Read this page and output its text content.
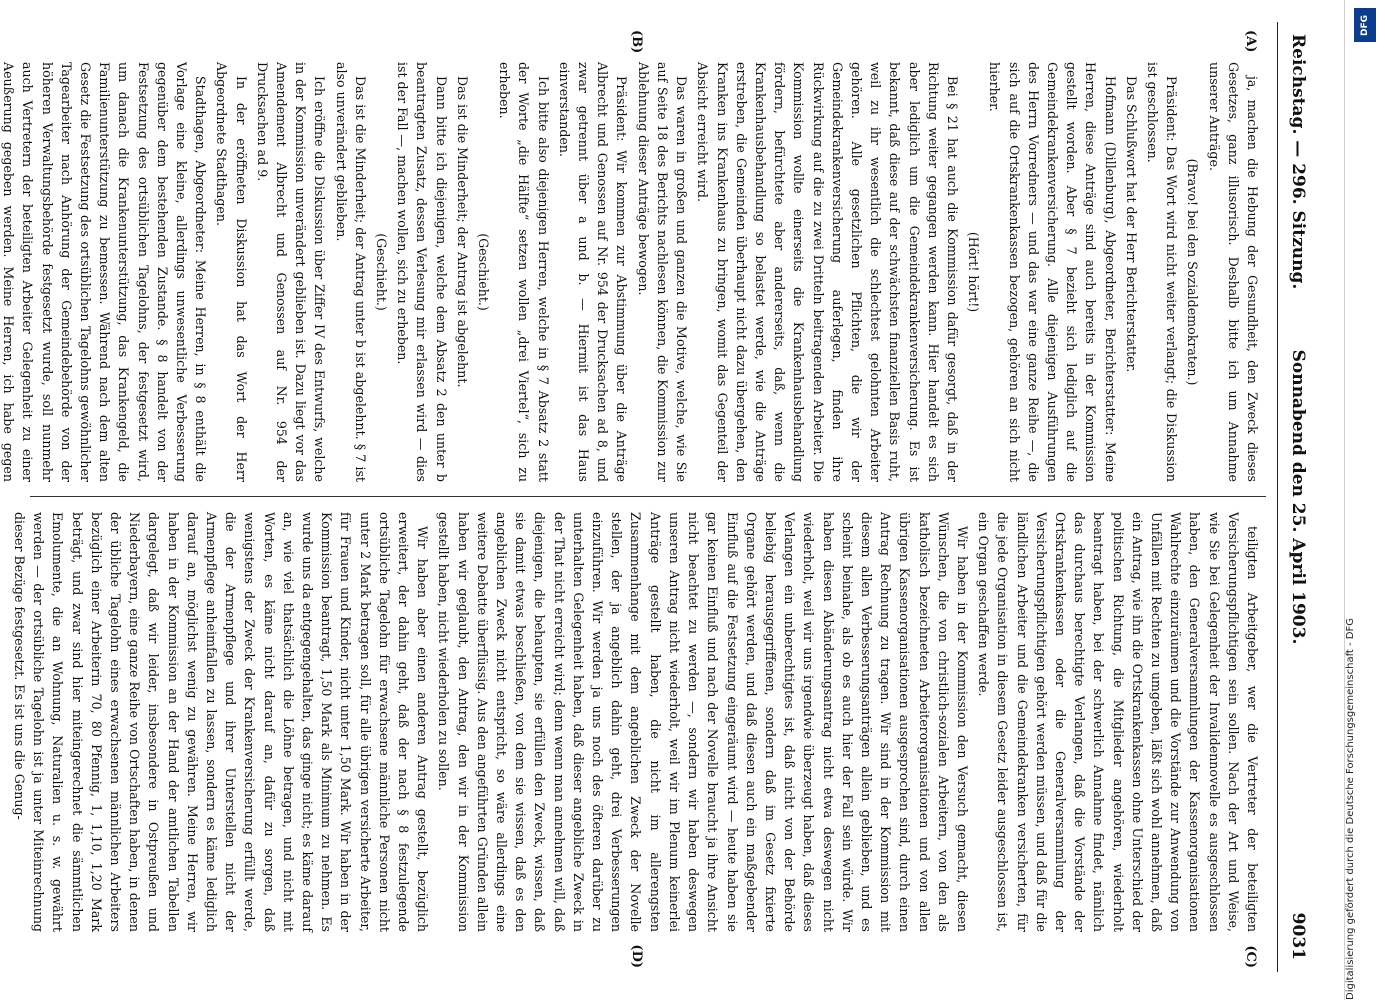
DFG
Digitalisierung gefördert durch die Deutsche Forschungsgemeinschaft - DFG
Reichstag. — 296. Sitzung.
Sonnabend den 25. April 1903.
9031
(A)
(B)
(C)
(D)

ja, machen die Hebung der Gesundheit, den Zweck dieses Gesetzes, ganz illusorisch. Deshalb bitte ich um Annahme unserer Anträge.

(Bravo! bei den Sozialdemokraten.)

Präsident: Das Wort wird nicht weiter verlangt; die Diskussion ist geschlossen.

Das Schlußwort hat der Herr Berichterstatter.

Hofmann (Dillenburg), Abgeordneter, Berichterstatter: Meine Herren, diese Anträge sind auch bereits in der Kommission gestellt worden. Aber § 7 bezieht sich lediglich auf die Gemeindekrankenversicherung. Alle diejenigen Ausführungen des Herrn Vorredners — und das war eine ganze Reihe —, die sich auf die Ortskrankenkassen bezogen, gehören an sich nicht hierher.

(Hört! hört!)

Bei § 21 hat auch die Kommission dafür gesorgt, daß in der Richtung weiter gegangen werden kann. Hier handelt es sich aber lediglich um die Gemeindekrankenversicherung. Es ist bekannt, daß diese auf der schwächsten finanziellen Basis ruht, weil zu ihr wesentlich die schlechtest gelohnten Arbeiter gehören. Alle gesetzlichen Pflichten, die wir der Gemeindekrankenversicherung auferlegen, finden ihre Rückwirkung auf die zu zwei Dritteln beitragenden Arbeiter. Die Kommission wollte einerseits die Krankenhausbehandlung fördern, befürchtete aber andererseits, daß, wenn die Krankenhausbehandlung so belastet werde, wie die Anträge erstreben, die Gemeinden überhaupt nicht dazu übergehen, den Kranken ins Krankenhaus zu bringen, womit das Gegenteil der Absicht erreicht wird.

Das waren in großen und ganzen die Motive, welche, wie Sie auf Seite 18 des Berichts nachlesen können, die Kommission zur Ablehnung dieser Anträge bewogen.

Präsident: Wir kommen zur Abstimmung über die Anträge Albrecht und Genossen auf Nr. 954 der Drucksachen ad 8, und zwar getrennt über a und b. — Hiermit ist das Haus einverstanden.

Ich bitte also diejenigen Herren, welche in § 7 Absatz 2 statt der Worte „die Hälfte“ setzen wollen „drei Viertel“, sich zu erheben.

(Geschieht.)

Das ist die Minderheit; der Antrag ist abgelehnt.

Dann bitte ich diejenigen, welche dem Absatz 2 den unter b beantragten Zusatz, dessen Verlesung mir erlassen wird — dies ist der Fall —, machen wollen, sich zu erheben.

(Geschieht.)

Das ist die Minderheit; der Antrag unter b ist abgelehnt. § 7 ist also unverändert geblieben.

Ich eröffne die Diskussion über Ziffer IV des Entwurfs, welche in der Kommission unverändert geblieben ist. Dazu liegt vor das Amendement Albrecht und Genossen auf Nr. 954 der Drucksachen ad 9.

In der eröffneten Diskussion hat das Wort der Herr Abgeordnete Stadthagen.

Stadthagen, Abgeordneter: Meine Herren, in § 8 enthält die Vorlage eine kleine, allerdings unwesentliche Verbesserung gegenüber dem bestehenden Zustande. § 8 handelt von der Festsetzung des ortsüblichen Tagelohns, der festgesetzt wird, um danach die Krankenunterstützung, das Krankengeld, die Familienunterstützung zu bemessen. Während nach dem alten Gesetz die Festsetzung des ortsüblichen Tagelohns gewöhnlicher Tagearbeiter nach Anhörung der Gemeindebehörde von der höheren Verwaltungsbehörde festgesetzt wurde, soll nunmehr auch Vertretern der beteiligten Arbeiter Gelegenheit zu einer Aeußerung gegeben werden. Meine Herren, ich habe gegen

teiligten Arbeitgeber, wer die Vertreter der beteiligten Versicherungspflichtigen sein sollen. Nach der Art und Weise, wie Sie bei Gelegenheit der Invalidennovelle es ausgeschlossen haben, den Generalversammlungen der Kassenorganisationen Wahlrechte einzuräumen und die Vorstände zur Anwendung von Unfällen mit Rechten zu umgeben, läßt sich wohl annehmen, daß ein Antrag, wie ihn die Ortskrankenkassen ohne Unterschied der politischen Richtung, die Mitglieder angehören, wiederholt beantragt haben, bei der schwerlich Annahme findet, nämlich das durchaus berechtigte Verlangen, daß die Vorstände der Ortskrankenkassen oder die Generalversammlung der Versicherungspflichtigen gehört werden müssen, und daß für die ländlichen Arbeiter und die Gemeindekranken versicherten, für die jede Organisation in diesem Gesetz leider ausgeschlossen ist, ein Organ geschaffen werde.

Wir haben in der Kommission den Versuch gemacht, diesen Wünschen, die von christlich-sozialen Arbeitern, von den als katholisch bezeichneten Arbeiterorganisationen und von allen übrigen Kassenorganisationen ausgesprochen sind, durch einen Antrag Rechnung zu tragen. Wir sind in der Kommission mit diesem allen Verbesserungsanträgen allein geblieben, und es scheint beinahe, als ob es auch hier der Fall sein würde. Wir haben diesen Abänderungsantrag nicht etwa deswegen nicht wiederholt, weil wir uns irgendwie überzeugt haben, daß dieses Verlangen ein unberechtigtes ist, daß nicht von der Behörde beliebig herausgegriffenen, sondern daß im Gesetz fixierte Organe gehört werden, und daß diesen auch ein maßgebender Einfluß auf die Festsetzung eingeräumt wird — heute haben sie gar keinen Einfluß und nach der Novelle braucht ja ihre Ansicht nicht beachtet zu werden —, sondern wir haben deswegen unseren Antrag nicht wiederholt, weil wir im Plenum keinerlei Anträge gestellt haben, die nicht im allerengsten Zusammenhange mit dem angeblichen Zweck der Novelle stellen, der ja angeblich dahin geht, drei Verbesserungen einzuführen. Wir werden ja uns noch des öfteren darüber zu unterhalten Gelegenheit haben, daß dieser angebliche Zweck in der That nicht erreicht wird; denn wenn man annehmen will, daß diejenigen, die behaupten, sie erfüllen den Zweck, wissen, daß sie damit etwas beschließen, von dem sie wissen, daß es den angeblichen Zweck nicht entspricht, so wäre allerdings eine weitere Debatte überflüssig. Aus den angeführten Gründen allein haben wir geglaubt, den Antrag, den wir in der Kommission gestellt haben, nicht wiederholen zu sollen.

Wir haben aber einen anderen Antrag gestellt, bezüglich erweitert, der dahin geht, daß der nach § 8 festzulegende ortsübliche Tagelohn für erwachsene männliche Personen nicht unter 2 Mark betragen soll, für alle übrigen versicherte Arbeiter, für Frauen und Kinder, nicht unter 1,50 Mark. Wir haben in der Kommission beantragt, 1,50 Mark als Minimum zu nehmen. Es wurde uns da entgegengehalten, das ginge nicht; es käme darauf an, wie viel thatsächlich die Löhne betragen, und nicht mit Worten, es käme nicht darauf an, dafür zu sorgen, daß wenigstens der Zweck der Krankenversicherung erfüllt werde, die der Armenpflege und ihrer Unterstellen nicht der Armenpflege anheimfallen zu lassen, sondern es käme lediglich darauf an, möglichst wenig zu gewähren. Meine Herren, wir haben in der Kommission an der Hand der amtlichen Tabellen dargelegt, daß wir leider, insbesondere in Ostpreußen und Niederbayern, eine ganze Reihe von Ortschaften haben, in denen der übliche Tagelohn eines erwachsenen männlichen Arbeiters bezüglich einer Arbeiterin 70, 80 Pfennig, 1, 1,10, 1,20 Mark beträgt, und zwar sind hier miteingerechnet die sämmtlichen Emolumente, die an Wohnung, Naturalien u. s. w. gewährt werden — der ortsübliche Tagelohn ist ja unter Miteinrechnung dieser Bezüge festgesetzt. Es ist uns die Genug-
